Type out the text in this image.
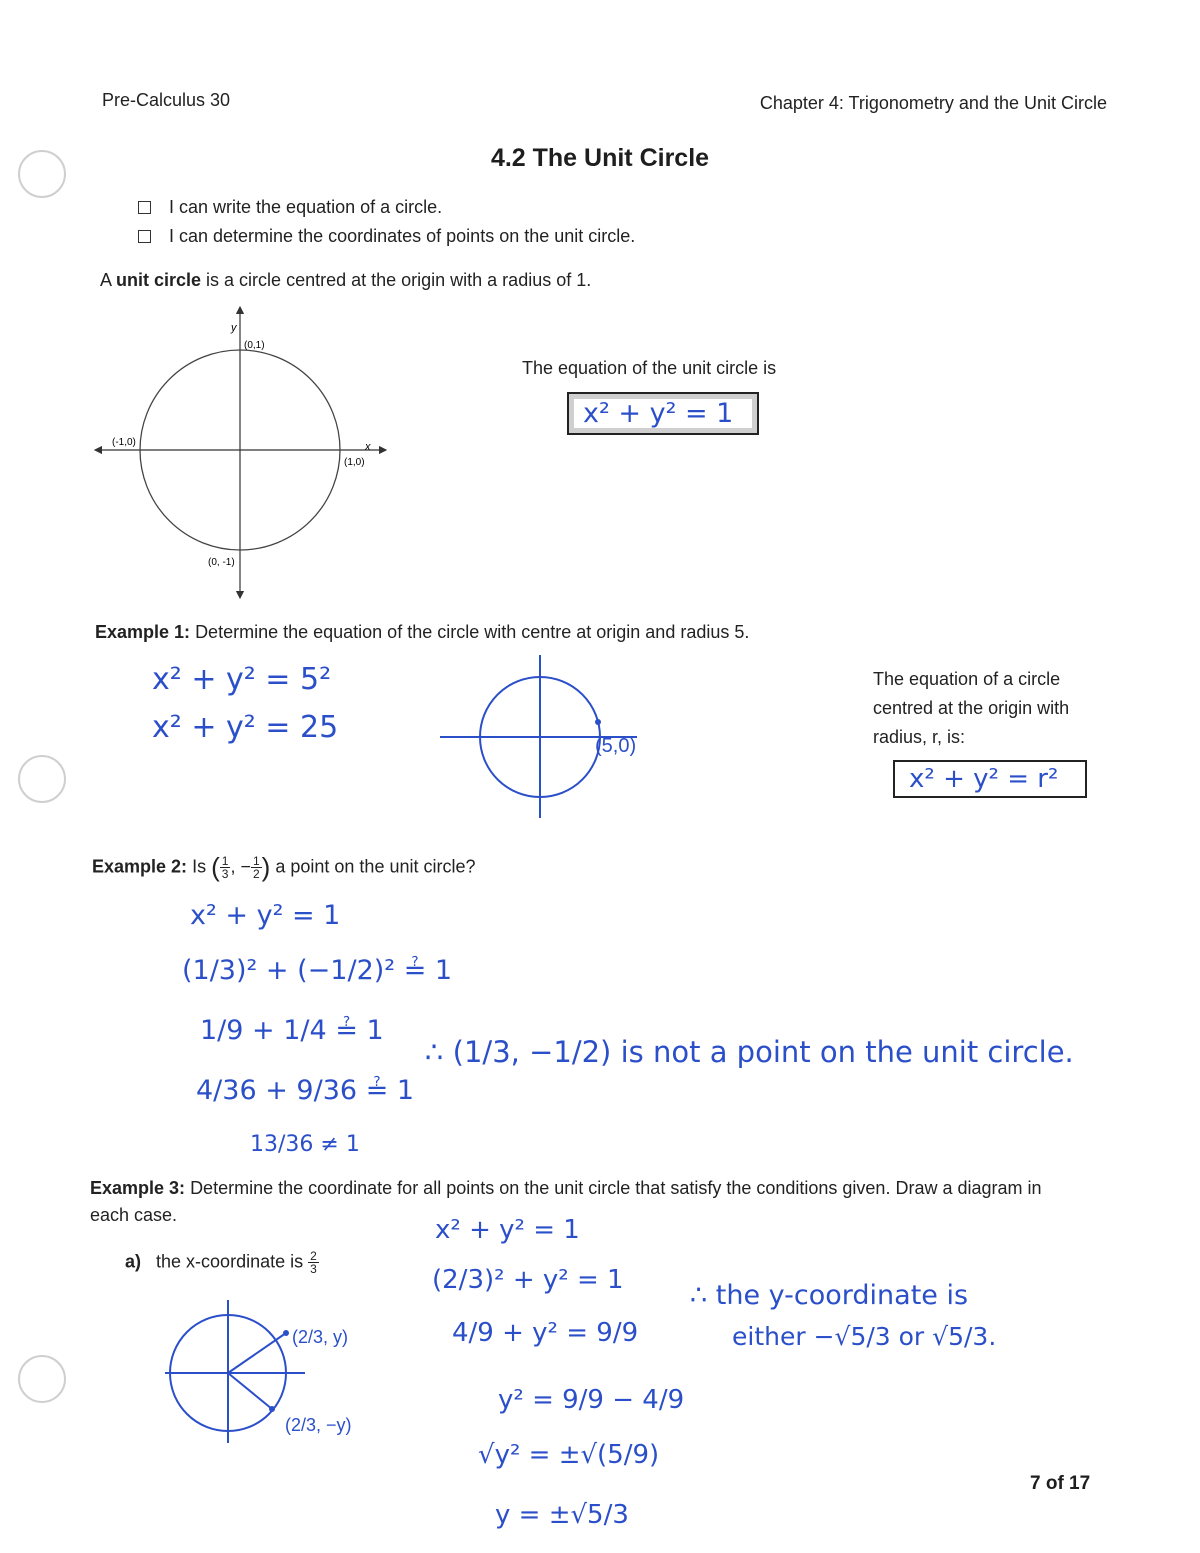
Pre-Calculus 30	Chapter 4: Trigonometry and the Unit Circle
4.2 The Unit Circle
I can write the equation of a circle.
I can determine the coordinates of points on the unit circle.
A unit circle is a circle centred at the origin with a radius of 1.
y
x
(0,1)
(-1,0)
(1,0)
(0, -1)
The equation of the unit circle is
x² + y² = 1
Example 1: Determine the equation of the circle with centre at origin and radius 5.
x² + y² = 5²
x² + y² = 25
(5,0)
The equation of a circle centred at the origin with radius, r, is:
x² + y² = r²
Example 2: Is ( $\frac{1}{3}$ , − $\frac{1}{2}$ ) a point on the unit circle?
x² + y² = 1
(1/3)² + (−1/2)² ≟ 1
1/9 + 1/4 ≟ 1
4/36 + 9/36 ≟ 1
13/36 ≠ 1
∴ (1/3, −1/2) is not a point on the unit circle.
Example 3: Determine the coordinate for all points on the unit circle that satisfy the conditions given. Draw a diagram in each case.
a) the x-coordinate is $\frac{2}{3}$
(2/3, y)
(2/3, −y)
x² + y² = 1
(2/3)² + y² = 1
4/9 + y² = 9/9
y² = 9/9 − 4/9
√y² = ±√(5/9)
y = ±√5/3
∴ the y-coordinate is
either −√5/3 or √5/3.
7 of 17
